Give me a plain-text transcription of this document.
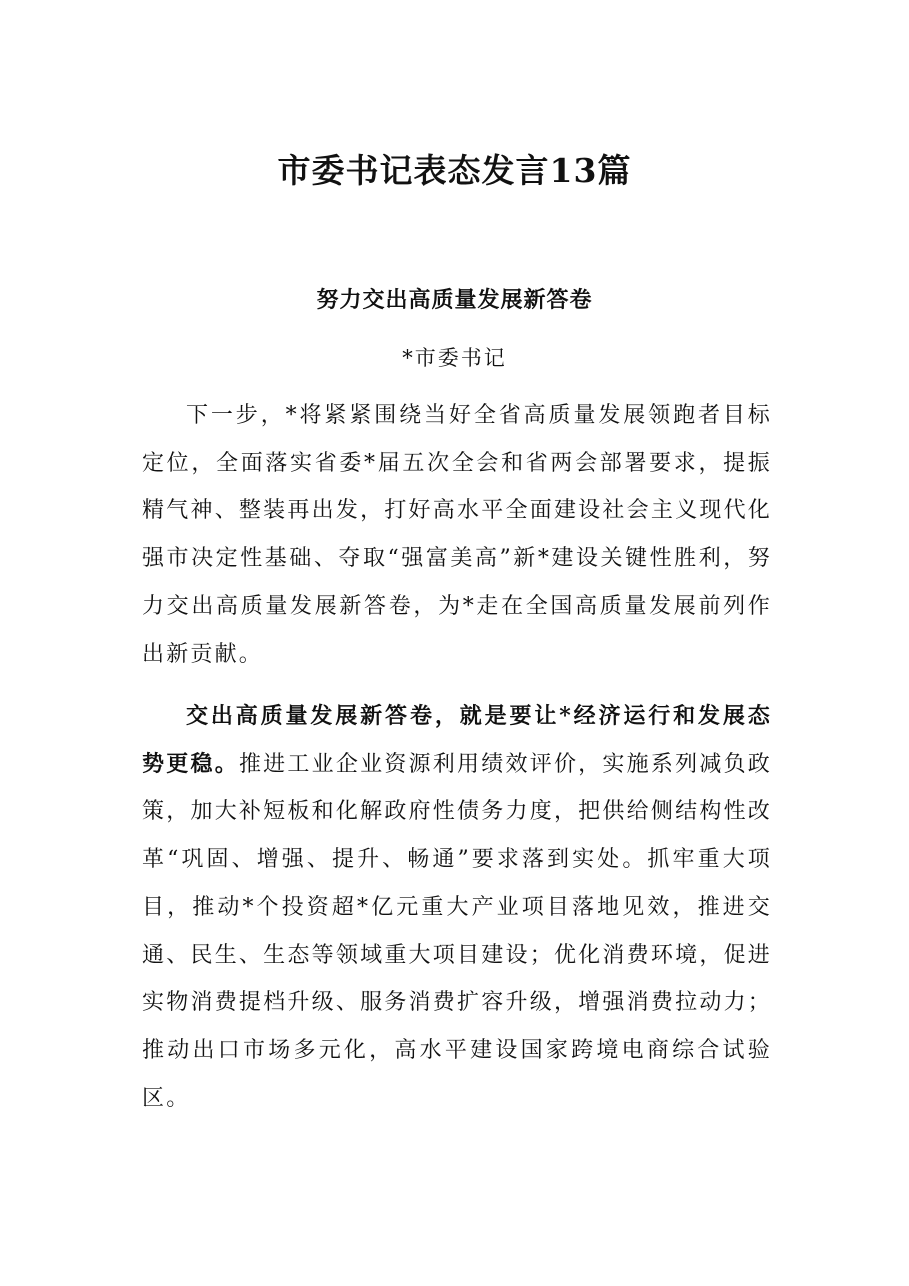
市委书记表态发言13篇
努力交出高质量发展新答卷
*市委书记

下一步，*将紧紧围绕当好全省高质量发展领跑者目标定位，全面落实省委*届五次全会和省两会部署要求，提振精气神、整装再出发，打好高水平全面建设社会主义现代化强市决定性基础、夺取“强富美高”新*建设关键性胜利，努力交出高质量发展新答卷，为*走在全国高质量发展前列作出新贡献。

交出高质量发展新答卷，就是要让*经济运行和发展态势更稳。推进工业企业资源利用绩效评价，实施系列减负政策，加大补短板和化解政府性债务力度，把供给侧结构性改革“巩固、增强、提升、畅通”要求落到实处。抓牢重大项目，推动*个投资超*亿元重大产业项目落地见效，推进交通、民生、生态等领域重大项目建设；优化消费环境，促进实物消费提档升级、服务消费扩容升级，增强消费拉动力；推动出口市场多元化，高水平建设国家跨境电商综合试验区。
